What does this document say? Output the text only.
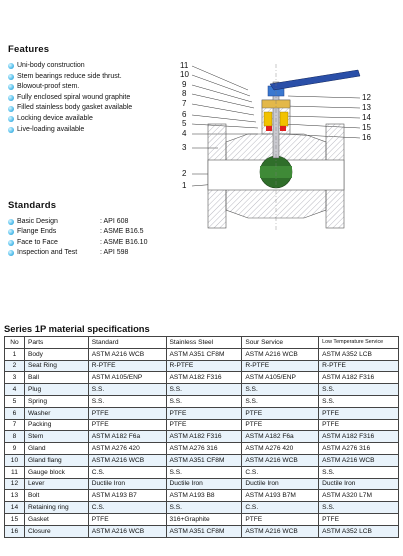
Features
Uni-body construction
Stem bearings reduce side thrust.
Blowout-proof stem.
Fully enclosed spiral wound graphite
Filled stainless body gasket available
Locking device available
Live-loading available
11
10
9
8
7
6
5
4
3
2
1
12
13
14
15
16
Standards
Basic Design	: API 608
Flange Ends	: ASME B16.5
Face to Face	: ASME B16.10
Inspection and Test	: API 598
Series 1P material specifications
No	Parts	Standard	Stainless Steel	Sour Service	Low Temperature Service
1	Body	ASTM A216 WCB	ASTM A351 CF8M	ASTM A216 WCB	ASTM A352 LCB
2	Seat Ring	R-PTFE	R-PTFE	R-PTFE	R-PTFE
3	Ball	ASTM A105/ENP	ASTM A182 F316	ASTM A105/ENP	ASTM A182 F316
4	Plug	S.S.	S.S.	S.S.	S.S.
5	Spring	S.S.	S.S.	S.S.	S.S.
6	Washer	PTFE	PTFE	PTFE	PTFE
7	Packing	PTFE	PTFE	PTFE	PTFE
8	Stem	ASTM A182 F6a	ASTM A182 F316	ASTM A182 F6a	ASTM A182 F316
9	Gland	ASTM A276 420	ASTM A276 316	ASTM A276 420	ASTM A276 316
10	Gland flang	ASTM A216 WCB	ASTM A351 CF8M	ASTM A216 WCB	ASTM A216 WCB
11	Gauge block	C.S.	S.S.	C.S.	S.S.
12	Lever	Ductile Iron	Ductile Iron	Ductile Iron	Ductile Iron
13	Bolt	ASTM A193 B7	ASTM A193 B8	ASTM A193 B7M	ASTM A320 L7M
14	Retaining ring	C.S.	S.S.	C.S.	S.S.
15	Gasket	PTFE	316+Graphite	PTFE	PTFE
16	Closure	ASTM A216 WCB	ASTM A351 CF8M	ASTM A216 WCB	ASTM A352 LCB
